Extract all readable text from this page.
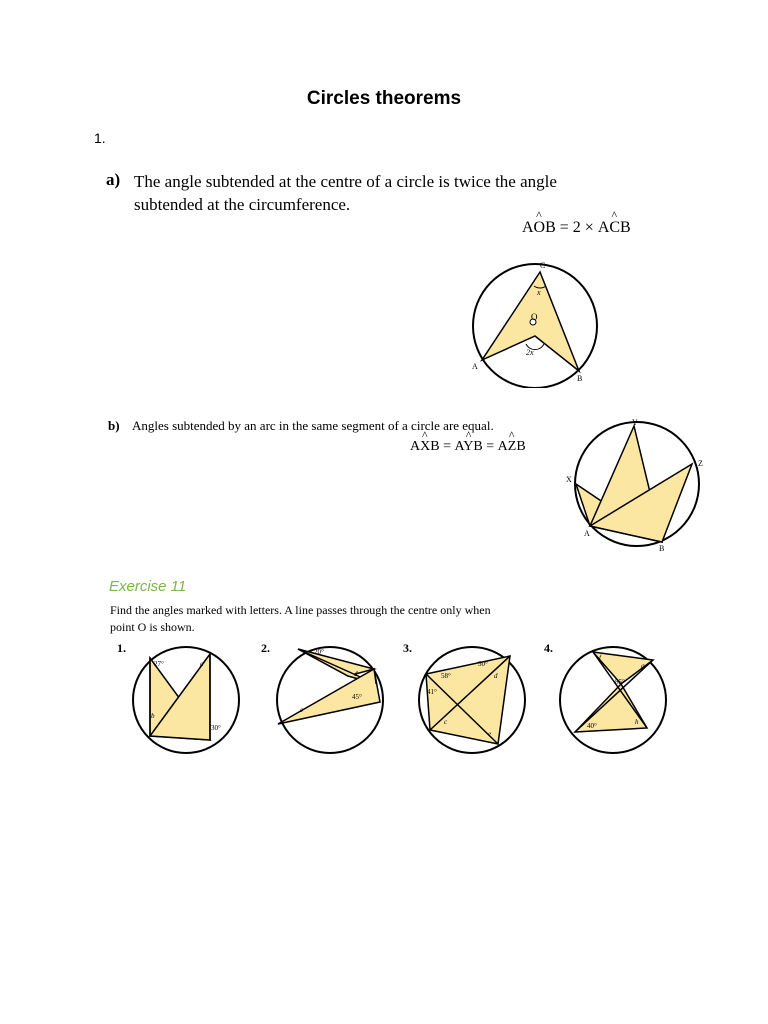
Circles theorems
1.
a) The angle subtended at the centre of a circle is twice the angle subtended at the circumference.
^ AOB = 2 × ^ ACB
C
x
O
2x
A
B
b) Angles subtended by an arc in the same segment of a circle are equal.
^ AXB = ^ AYB = ^ AZB
Y
Z
X
A
B
Exercise 11
Find the angles marked with letters. A line passes through the centre only when point O is shown.
1.
27°	a
b
30°
2.	20°
d
45°
c
3.
30°
58°	d
41°
c
e
4.
f
g
85°
40°	h
